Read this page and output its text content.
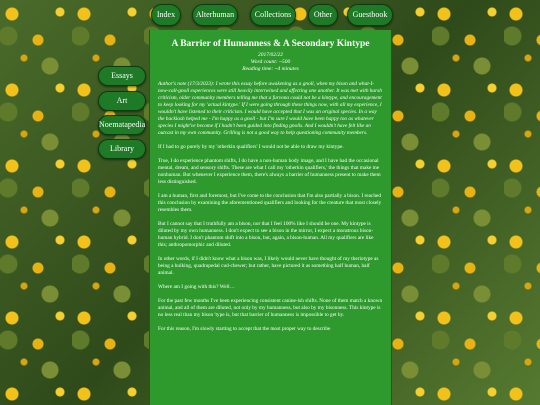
Index	Alterhuman	Collections	Other	Guestbook
Essays
Art
Noematapedia
Library
A Barrier of Humanness & A Secondary Kintype
2017/02/22
Word count: ~500
Reading time: ~4 minutes

Author's note (17/3/2023): I wrote this essay before awakening as a gnoll, when my bison and what-I-now-call-gnoll experiences were still heavily intertwined and affecting one another. It was met with harsh criticism, older community members telling me that a furvona could not be a kintype, and encouragement to keep looking for my 'actual kintype.' If I were going through these things now, with all my experience, I wouldn't have listened to their criticism. I would have accepted that I was an original species. In a way the backlash helped me - I'm happy as a gnoll - but I'm sure I would have been happy too as whatever species I might've become if I hadn't been guided into finding gnolls. And I wouldn't have felt like an outcast in my own community. Grilling is not a good way to help questioning community members.

If I had to go purely by my 'otherkin qualifiers' I would not be able to draw my kintype.

True, I do experience phantom shifts, I do have a non-human body image, and I have had the occasional mental, dream, and sensory shifts. These are what I call my 'otherkin qualifiers,' the things that make me nonhuman. But whenever I experience them, there's always a barrier of humanness present to make them less distinguished.

I am a human, first and foremost, but I've come to the conclusion that I'm also partially a bison. I reached this conclusion by examining the aforementioned qualifiers and looking for the creature that most closely resembles them.

But I cannot say that I truthfully am a bison, nor that I feel 100% like I should be one. My kintype is diluted by my own humanness. I don't expect to see a bison in the mirror, I expect a monstrous bison-human hybrid. I don't phantom shift into a bison, but, again, a bison-human. All my qualifiers are like this; anthropomorphic and diluted.

In other words, if I didn't know what a bison was, I likely would never have thought of my theriotype as being a hulking, quadrupedal cud-chewer; but rather, have pictured it as something half human, half animal.

Where am I going with this? Well…

For the past few months I've been experiencing consistent canine-ish shifts. None of them match a known animal, and all of them are diluted, not only by my humanness, but also by my bisonness. This kintype is no less real than my bison 'type is, but that barrier of humanness is impossible to get by.

For this reason, I'm slowly starting to accept that the most proper way to describe
